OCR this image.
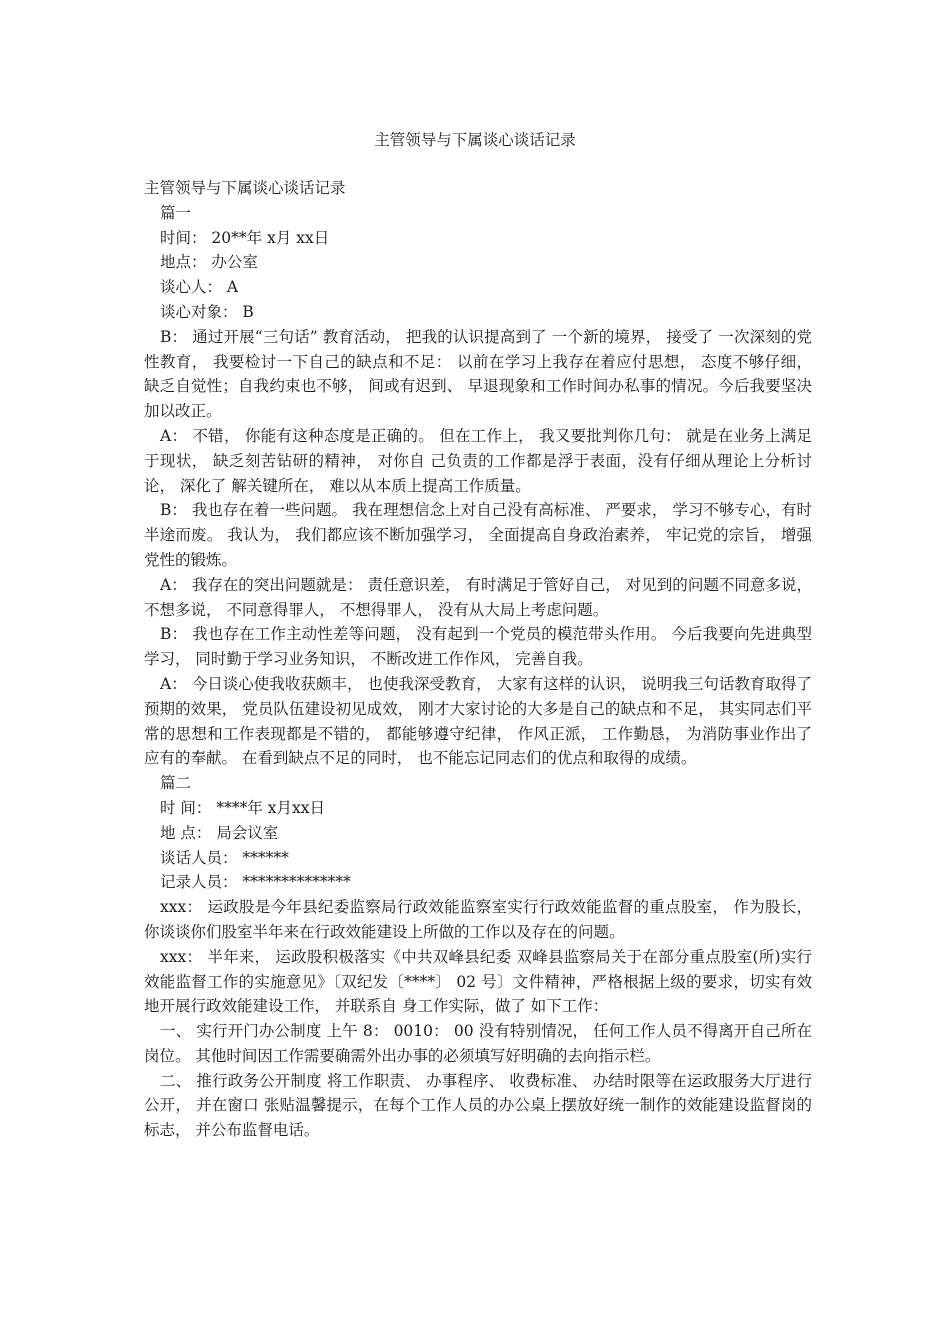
主管领导与下属谈心谈话记录
主管领导与下属谈心谈话记录
篇一
时间： 20**年 x月 xx日
地点： 办公室
谈心人： A
谈心对象： B
B： 通过开展“三句话” 教育活动， 把我的认识提高到了 一个新的境界， 接受了 一次深刻的党性教育， 我要检讨一下自己的缺点和不足： 以前在学习上我存在着应付思想， 态度不够仔细， 缺乏自觉性；自我约束也不够， 间或有迟到、 早退现象和工作时间办私事的情况。今后我要坚决加以改正。
A： 不错， 你能有这种态度是正确的。 但在工作上， 我又要批判你几句： 就是在业务上满足于现状， 缺乏刻苦钻研的精神， 对你自 己负责的工作都是浮于表面，没有仔细从理论上分析讨论， 深化了 解关键所在， 难以从本质上提高工作质量。
B： 我也存在着一些问题。 我在理想信念上对自己没有高标准、 严要求， 学习不够专心，有时半途而废。 我认为， 我们都应该不断加强学习， 全面提高自身政治素养， 牢记党的宗旨， 增强党性的锻炼。
A： 我存在的突出问题就是： 责任意识差， 有时满足于管好自己， 对见到的问题不同意多说， 不想多说， 不同意得罪人， 不想得罪人， 没有从大局上考虑问题。
B： 我也存在工作主动性差等问题， 没有起到一个党员的模范带头作用。 今后我要向先进典型学习， 同时勤于学习业务知识， 不断改进工作作风， 完善自我。
A： 今日谈心使我收获颇丰， 也使我深受教育， 大家有这样的认识， 说明我三句话教育取得了 预期的效果， 党员队伍建设初见成效， 刚才大家讨论的大多是自己的缺点和不足， 其实同志们平常的思想和工作表现都是不错的， 都能够遵守纪律， 作风正派， 工作勤恳， 为消防事业作出了 应有的奉献。 在看到缺点不足的同时， 也不能忘记同志们的优点和取得的成绩。
篇二
时 间： ****年 x月xx日
地 点： 局会议室
谈话人员： ******
记录人员： **************
xxx： 运政股是今年县纪委监察局行政效能监察室实行行政效能监督的重点股室， 作为股长，你谈谈你们股室半年来在行政效能建设上所做的工作以及存在的问题。
xxx： 半年来， 运政股积极落实《中共双峰县纪委 双峰县监察局关于在部分重点股室(所)实行效能监督工作的实施意见》〔双纪发〔****〕 02 号〕文件精神，严格根据上级的要求，切实有效地开展行政效能建设工作， 并联系自 身工作实际，做了 如下工作：
一、 实行开门办公制度 上午 8： 0010： 00 没有特别情况， 任何工作人员不得离开自己所在岗位。 其他时间因工作需要确需外出办事的必须填写好明确的去向指示栏。
二、 推行政务公开制度 将工作职责、 办事程序、 收费标准、 办结时限等在运政服务大厅进行公开， 并在窗口 张贴温馨提示，在每个工作人员的办公桌上摆放好统一制作的效能建设监督岗的标志， 并公布监督电话。
